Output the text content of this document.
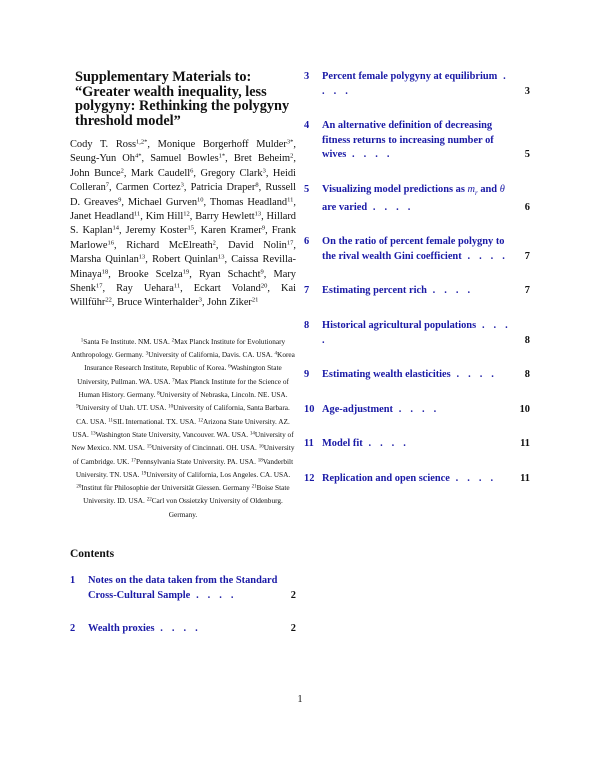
Supplementary Materials to:
“Greater wealth inequality, less
polygyny: Rethinking the polygyny
threshold model”
Cody T. Ross$^{1,2*}$, Monique Borgerhoff Mulder$^{3*}$, Seung-Yun $Oh^{4*}$, Samuel Bowles$^{1*}$, Bret Beheim$^2$, John Bunce$^2$, Mark Caudell$^6$, Gregory Clark$^3$, Heidi Colleran$^7$, Carmen Cortez$^3$, Patricia Draper$^8$, Russell D. Greaves$^9$, Michael Gurven$^{10}$, Thomas Headland$^{11}$, Janet Headland$^{11}$, Kim Hill$^{12}$, Barry Hewlett$^{13}$, Hillard S. Kaplan$^{14}$, Jeremy Koster$^{15}$, Karen Kramer$^9$, Frank Marlowe$^{16}$, Richard McElreath$^2$, David Nolin$^{17}$, Marsha Quinlan$^{13}$, Robert Quinlan$^{13}$, Caissa Revilla-Minaya$^{18}$, Brooke Scelza$^{19}$, Ryan Schacht$^9$, Mary Shenk$^{17}$, Ray Uehara$^{11}$, Eckart Voland$^{20}$, Kai Willführ$^{22}$, Bruce Winterhalder$^3$, John Ziker$^{21}$
$^1$Santa Fe Institute. NM. USA. $^2$Max Planck Institute for Evolutionary Anthropology. Germany. $^3$University of California, Davis. CA. USA. $^4$Korea Insurance Research Institute, Republic of Korea. $^6$Washington State University, Pullman. WA. USA. $^7$Max Planck Institute for the Science of Human History. Germany. $^8$University of Nebraska, Lincoln. NE. USA. $^9$University of Utah. UT. USA. $^{10}$University of California, Santa Barbara. CA. USA. $^{11}$SIL International. TX. USA. $^{12}$Arizona State University. AZ. USA. $^{13}$Washington State University, Vancouver. WA. USA. $^{14}$University of New Mexico. NM. USA. $^{15}$University of Cincinnati. OH. USA. $^{16}$University of Cambridge. UK. $^{17}$Pennsylvania State University. PA. USA. $^{18}$Vanderbilt University. TN. USA. $^{19}$University of California, Los Angeles. CA. USA. $^{20}$Institut für Philosophie der Universität Giessen. Germany $^{21}$Boise State University. ID. USA. $^{22}$Carl von Ossietzky University of Oldenburg. Germany.
Contents
1	Notes on the data taken from the Standard Cross-Cultural Sample . . . .	2
2	Wealth proxies . . . .	2
3	Percent female polygyny at equilibrium . . . .	3
4	An alternative definition of decreasing fitness returns to increasing number of wives . . . .	5
5	Visualizing model predictions as $m_r$ and θ are varied . . . .	6
6	On the ratio of percent female polygny to the rival wealth Gini coefficient . . . .	7
7	Estimating percent rich . . . .	7
8	Historical agricultural populations . . . .	8
9	Estimating wealth elasticities . . . .	8
10 Age-adjustment . . . .	10
11 Model fit . . . .	11
12 Replication and open science . . . .	11
1
